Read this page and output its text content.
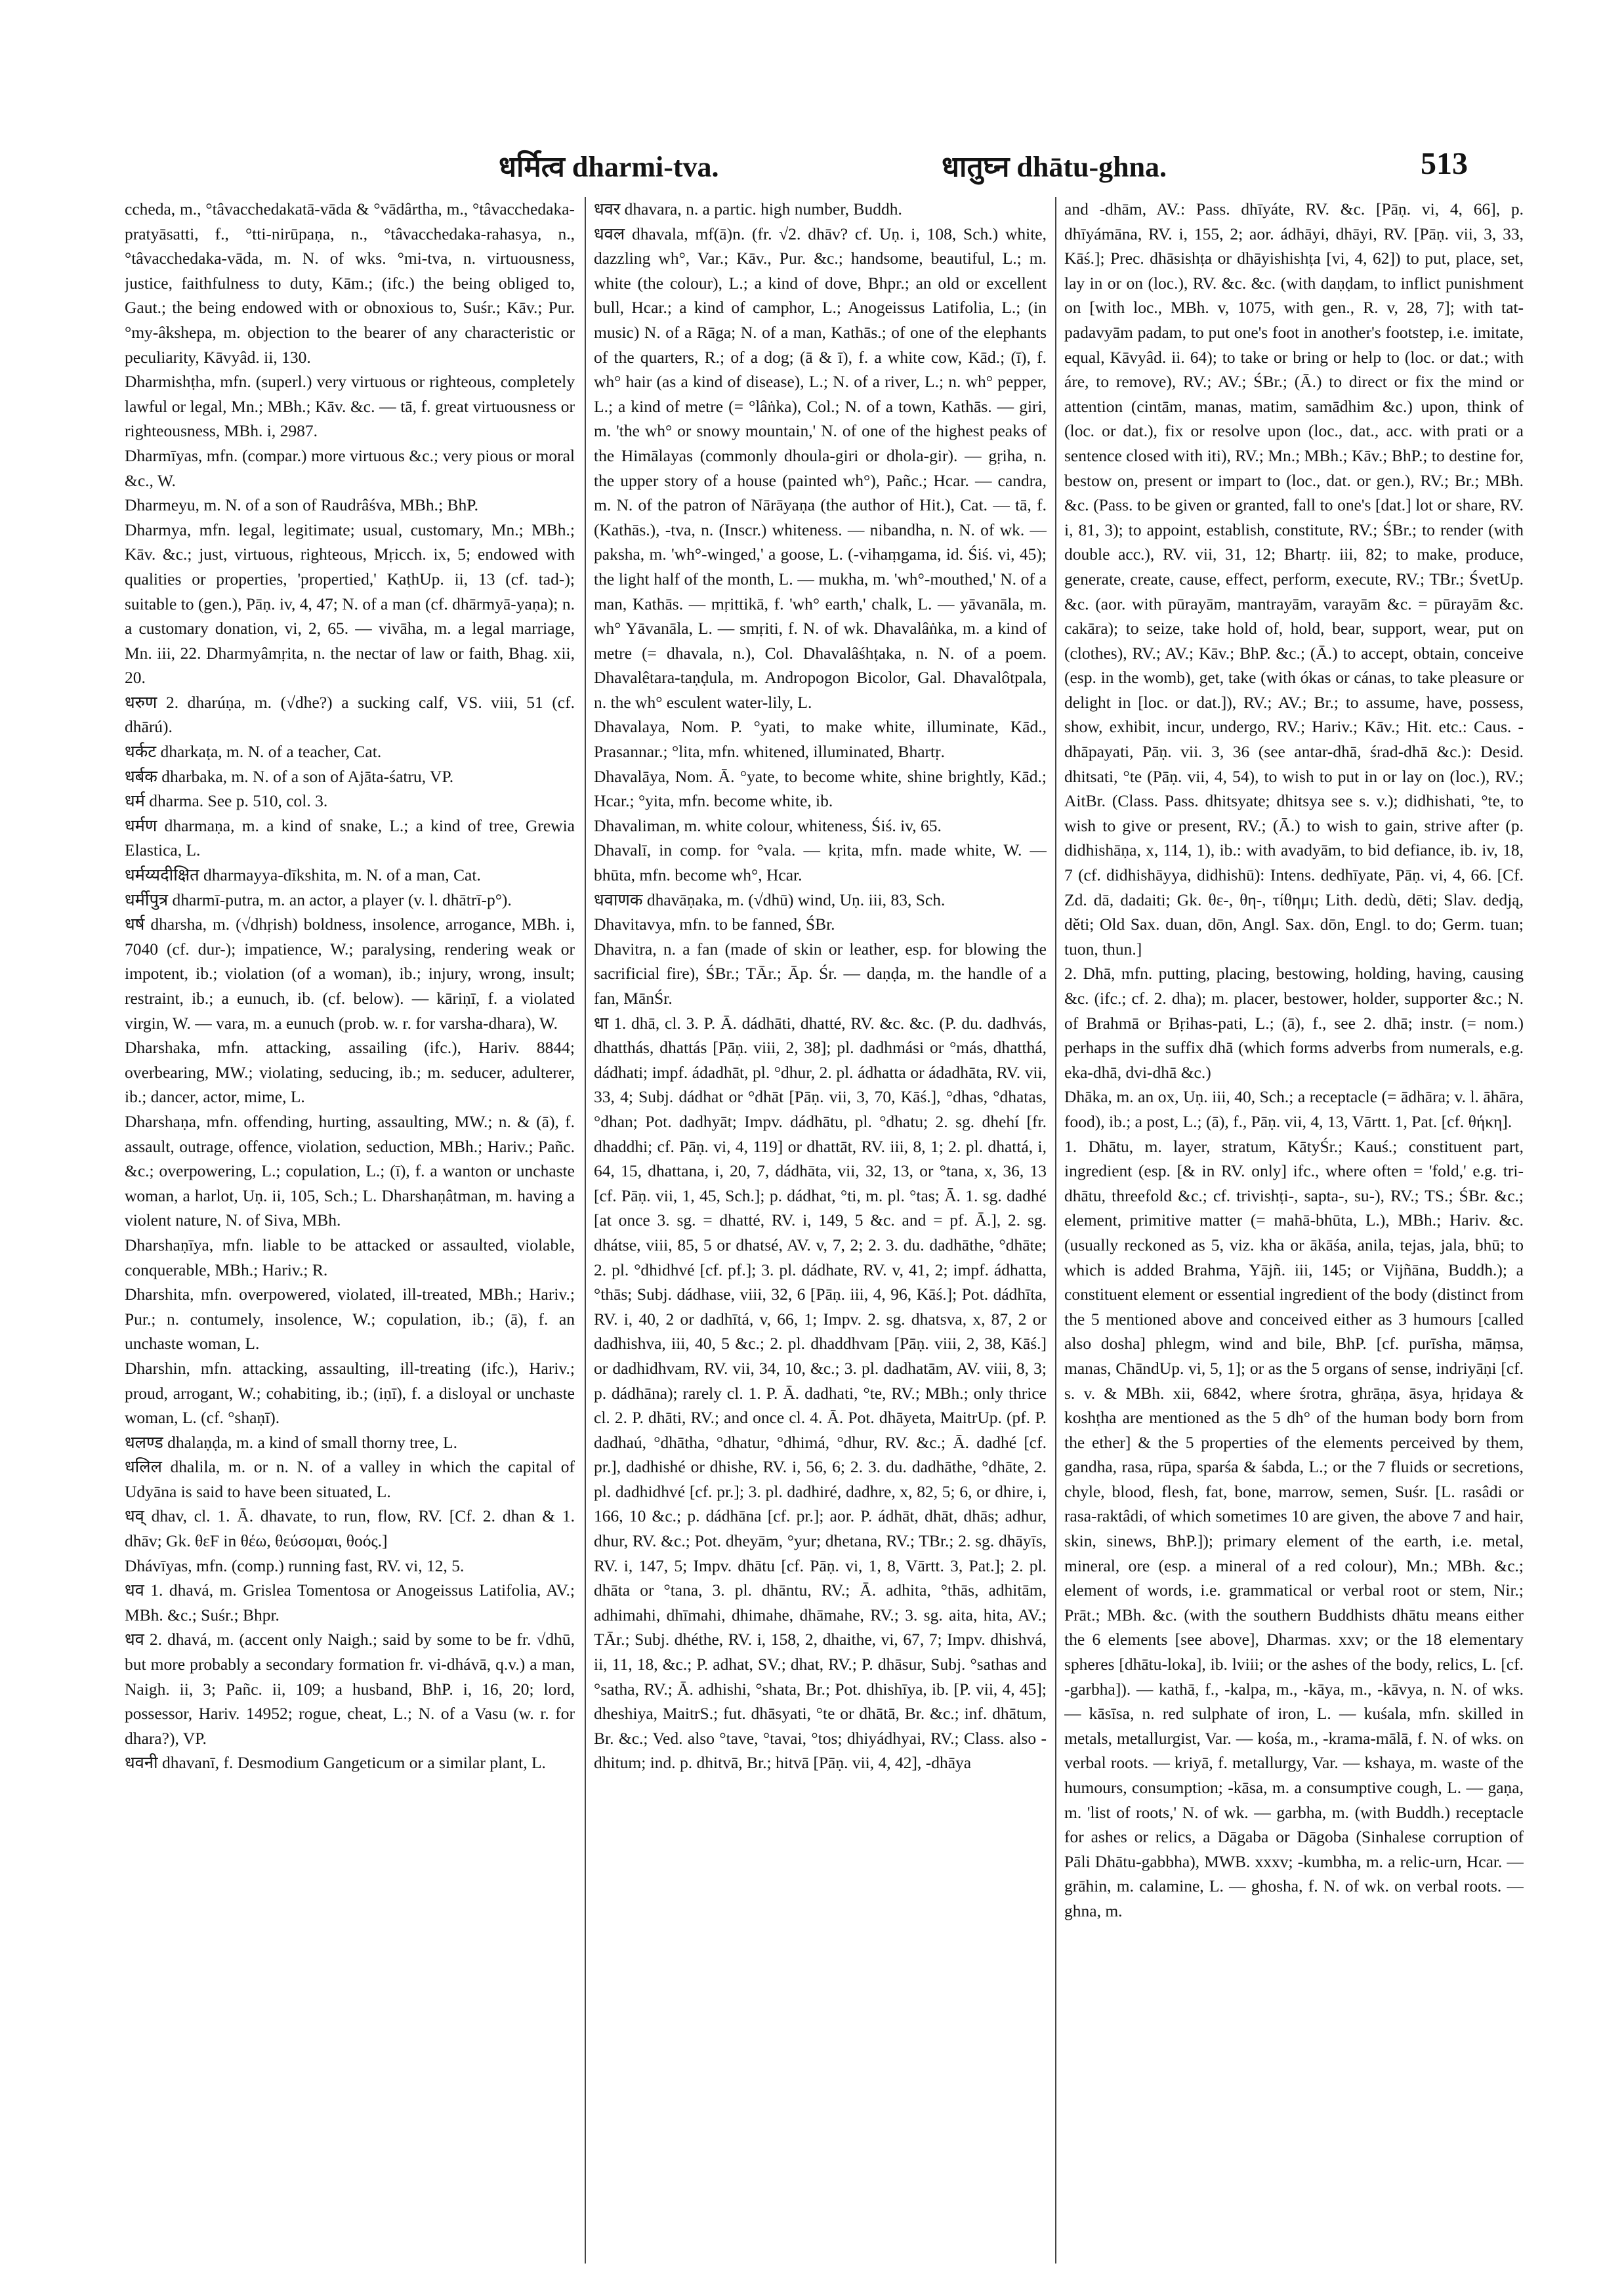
धर्मित्व dharmi-tva.	धातुघ्न dhātu-ghna.	513

ccheda, m., °tâvacchedakatā-vāda & °vādârtha, m., °tâvacchedaka-pratyāsatti, f., °tti-nirūpaṇa, n., °tâvacchedaka-rahasya, n., °tâvacchedaka-vāda, m. N. of wks. °mi-tva, n. virtuousness, justice, faithfulness to duty, Kām.; (ifc.) the being obliged to, Gaut.; the being endowed with or obnoxious to, Suśr.; Kāv.; Pur. °my-âkshepa, m. objection to the bearer of any characteristic or peculiarity, Kāvyâd. ii, 130.

Dharmishṭha, mfn. (superl.) very virtuous or righteous, completely lawful or legal, Mn.; MBh.; Kāv. &c. — tā, f. great virtuousness or righteousness, MBh. i, 2987.

Dharmīyas, mfn. (compar.) more virtuous &c.; very pious or moral &c., W.

Dharmeyu, m. N. of a son of Raudrâśva, MBh.; BhP.

Dharmya, mfn. legal, legitimate; usual, customary, Mn.; MBh.; Kāv. &c.; just, virtuous, righteous, Mṛicch. ix, 5; endowed with qualities or properties, 'propertied,' KaṭhUp. ii, 13 (cf. tad-); suitable to (gen.), Pāṇ. iv, 4, 47; N. of a man (cf. dhārmyā-yaṇa); n. a customary donation, vi, 2, 65. — vivāha, m. a legal marriage, Mn. iii, 22. Dharmyâmṛita, n. the nectar of law or faith, Bhag. xii, 20.

धरुण 2. dharúṇa, m. (√dhe?) a sucking calf, VS. viii, 51 (cf. dhārú).

धर्कट dharkaṭa, m. N. of a teacher, Cat.

धर्बक dharbaka, m. N. of a son of Ajāta-śatru, VP.

धर्म dharma. See p. 510, col. 3.

धर्मण dharmaṇa, m. a kind of snake, L.; a kind of tree, Grewia Elastica, L.

धर्मय्यदीक्षित dharmayya-dīkshita, m. N. of a man, Cat.

धर्मीपुत्र dharmī-putra, m. an actor, a player (v. l. dhātrī-p°).

धर्ष dharsha, m. (√dhṛish) boldness, insolence, arrogance, MBh. i, 7040 (cf. dur-); impatience, W.; paralysing, rendering weak or impotent, ib.; violation (of a woman), ib.; injury, wrong, insult; restraint, ib.; a eunuch, ib. (cf. below). — kāriṇī, f. a violated virgin, W. — vara, m. a eunuch (prob. w. r. for varsha-dhara), W.

Dharshaka, mfn. attacking, assailing (ifc.), Hariv. 8844; overbearing, MW.; violating, seducing, ib.; m. seducer, adulterer, ib.; dancer, actor, mime, L.

Dharshaṇa, mfn. offending, hurting, assaulting, MW.; n. & (ā), f. assault, outrage, offence, violation, seduction, MBh.; Hariv.; Pañc. &c.; overpowering, L.; copulation, L.; (ī), f. a wanton or unchaste woman, a harlot, Uṇ. ii, 105, Sch.; L. Dharshaṇâtman, m. having a violent nature, N. of Siva, MBh.

Dharshaṇīya, mfn. liable to be attacked or assaulted, violable, conquerable, MBh.; Hariv.; R.

Dharshita, mfn. overpowered, violated, ill-treated, MBh.; Hariv.; Pur.; n. contumely, insolence, W.; copulation, ib.; (ā), f. an unchaste woman, L.

Dharshin, mfn. attacking, assaulting, ill-treating (ifc.), Hariv.; proud, arrogant, W.; cohabiting, ib.; (iṇī), f. a disloyal or unchaste woman, L. (cf. °shaṇī).

धलण्ड dhalaṇḍa, m. a kind of small thorny tree, L.

धलिल dhalila, m. or n. N. of a valley in which the capital of Udyāna is said to have been situated, L.

धव् dhav, cl. 1. Ā. dhavate, to run, flow, RV. [Cf. 2. dhan & 1. dhāv; Gk. θεF in θέω, θεύσομαι, θοός.]

Dhávīyas, mfn. (comp.) running fast, RV. vi, 12, 5.

धव 1. dhavá, m. Grislea Tomentosa or Anogeissus Latifolia, AV.; MBh. &c.; Suśr.; Bhpr.

धव 2. dhavá, m. (accent only Naigh.; said by some to be fr. √dhū, but more probably a secondary formation fr. vi-dhávā, q.v.) a man, Naigh. ii, 3; Pañc. ii, 109; a husband, BhP. i, 16, 20; lord, possessor, Hariv. 14952; rogue, cheat, L.; N. of a Vasu (w. r. for dhara?), VP.

धवनी dhavanī, f. Desmodium Gangeticum or a similar plant, L.

धवर dhavara, n. a partic. high number, Buddh.

धवल dhavala, mf(ā)n. (fr. √2. dhāv? cf. Uṇ. i, 108, Sch.) white, dazzling wh°, Var.; Kāv., Pur. &c.; handsome, beautiful, L.; m. white (the colour), L.; a kind of dove, Bhpr.; an old or excellent bull, Hcar.; a kind of camphor, L.; Anogeissus Latifolia, L.; (in music) N. of a Rāga; N. of a man, Kathās.; of one of the elephants of the quarters, R.; of a dog; (ā & ī), f. a white cow, Kād.; (ī), f. wh° hair (as a kind of disease), L.; N. of a river, L.; n. wh° pepper, L.; a kind of metre (= °lâṅka), Col.; N. of a town, Kathās. — giri, m. 'the wh° or snowy mountain,' N. of one of the highest peaks of the Himālayas (commonly dhoula-giri or dhola-gir). — gṛiha, n. the upper story of a house (painted wh°), Pañc.; Hcar. — candra, m. N. of the patron of Nārāyaṇa (the author of Hit.), Cat. — tā, f. (Kathās.), -tva, n. (Inscr.) whiteness. — nibandha, n. N. of wk. — paksha, m. 'wh°-winged,' a goose, L. (-vihaṃgama, id. Śiś. vi, 45); the light half of the month, L. — mukha, m. 'wh°-mouthed,' N. of a man, Kathās. — mṛittikā, f. 'wh° earth,' chalk, L. — yāvanāla, m. wh° Yāvanāla, L. — smṛiti, f. N. of wk. Dhavalâṅka, m. a kind of metre (= dhavala, n.), Col. Dhavalâśhṭaka, n. N. of a poem. Dhavalêtara-taṇḍula, m. Andropogon Bicolor, Gal. Dhavalôtpala, n. the wh° esculent water-lily, L.

Dhavalaya, Nom. P. °yati, to make white, illuminate, Kād., Prasannar.; °lita, mfn. whitened, illuminated, Bhartṛ.

Dhavalāya, Nom. Ā. °yate, to become white, shine brightly, Kād.; Hcar.; °yita, mfn. become white, ib.

Dhavaliman, m. white colour, whiteness, Śiś. iv, 65.

Dhavalī, in comp. for °vala. — kṛita, mfn. made white, W. — bhūta, mfn. become wh°, Hcar.

धवाणक dhavāṇaka, m. (√dhū) wind, Uṇ. iii, 83, Sch.

Dhavitavya, mfn. to be fanned, ŚBr.

Dhavitra, n. a fan (made of skin or leather, esp. for blowing the sacrificial fire), ŚBr.; TĀr.; Āp. Śr. — daṇḍa, m. the handle of a fan, MānŚr.

धा 1. dhā, cl. 3. P. Ā. dádhāti, dhatté, RV. &c. &c. (P. du. dadhvás, dhatthás, dhattás [Pāṇ. viii, 2, 38]; pl. dadhmási or °más, dhatthá, dádhati; impf. ádadhāt, pl. °dhur, 2. pl. ádhatta or ádadhāta, RV. vii, 33, 4; Subj. dádhat or °dhāt [Pāṇ. vii, 3, 70, Kāś.], °dhas, °dhatas, °dhan; Pot. dadhyāt; Impv. dádhātu, pl. °dhatu; 2. sg. dhehí [fr. dhaddhi; cf. Pāṇ. vi, 4, 119] or dhattāt, RV. iii, 8, 1; 2. pl. dhattá, i, 64, 15, dhattana, i, 20, 7, dádhāta, vii, 32, 13, or °tana, x, 36, 13 [cf. Pāṇ. vii, 1, 45, Sch.]; p. dádhat, °ti, m. pl. °tas; Ā. 1. sg. dadhé [at once 3. sg. = dhatté, RV. i, 149, 5 &c. and = pf. Ā.], 2. sg. dhátse, viii, 85, 5 or dhatsé, AV. v, 7, 2; 2. 3. du. dadhāthe, °dhāte; 2. pl. °dhidhvé [cf. pf.]; 3. pl. dádhate, RV. v, 41, 2; impf. ádhatta, °thās; Subj. dádhase, viii, 32, 6 [Pāṇ. iii, 4, 96, Kāś.]; Pot. dádhīta, RV. i, 40, 2 or dadhītá, v, 66, 1; Impv. 2. sg. dhatsva, x, 87, 2 or dadhishva, iii, 40, 5 &c.; 2. pl. dhaddhvam [Pāṇ. viii, 2, 38, Kāś.] or dadhidhvam, RV. vii, 34, 10, &c.; 3. pl. dadhatām, AV. viii, 8, 3; p. dádhāna); rarely cl. 1. P. Ā. dadhati, °te, RV.; MBh.; only thrice cl. 2. P. dhāti, RV.; and once cl. 4. Ā. Pot. dhāyeta, MaitrUp. (pf. P. dadhaú, °dhātha, °dhatur, °dhimá, °dhur, RV. &c.; Ā. dadhé [cf. pr.], dadhishé or dhishe, RV. i, 56, 6; 2. 3. du. dadhāthe, °dhāte, 2. pl. dadhidhvé [cf. pr.]; 3. pl. dadhiré, dadhre, x, 82, 5; 6, or dhire, i, 166, 10 &c.; p. dádhāna [cf. pr.]; aor. P. ádhāt, dhāt, dhās; adhur, dhur, RV. &c.; Pot. dheyām, °yur; dhetana, RV.; TBr.; 2. sg. dhāyīs, RV. i, 147, 5; Impv. dhātu [cf. Pāṇ. vi, 1, 8, Vārtt. 3, Pat.]; 2. pl. dhāta or °tana, 3. pl. dhāntu, RV.; Ā. adhita, °thās, adhitām, adhimahi, dhīmahi, dhimahe, dhāmahe, RV.; 3. sg. aita, hita, AV.; TĀr.; Subj. dhéthe, RV. i, 158, 2, dhaithe, vi, 67, 7; Impv. dhishvá, ii, 11, 18, &c.; P. adhat, SV.; dhat, RV.; P. dhāsur, Subj. °sathas and °satha, RV.; Ā. adhishi, °shata, Br.; Pot. dhishīya, ib. [P. vii, 4, 45]; dheshiya, MaitrS.; fut. dhāsyati, °te or dhātā, Br. &c.; inf. dhātum, Br. &c.; Ved. also °tave, °tavai, °tos; dhiyádhyai, RV.; Class. also -dhitum; ind. p. dhitvā, Br.; hitvā [Pāṇ. vii, 4, 42], -dhāya

and -dhām, AV.: Pass. dhīyáte, RV. &c. [Pāṇ. vi, 4, 66], p. dhīyámāna, RV. i, 155, 2; aor. ádhāyi, dhāyi, RV. [Pāṇ. vii, 3, 33, Kāś.]; Prec. dhāsishṭa or dhāyishishṭa [vi, 4, 62]) to put, place, set, lay in or on (loc.), RV. &c. &c. (with daṇḍam, to inflict punishment on [with loc., MBh. v, 1075, with gen., R. v, 28, 7]; with tat-padavyām padam, to put one's foot in another's footstep, i.e. imitate, equal, Kāvyâd. ii. 64); to take or bring or help to (loc. or dat.; with áre, to remove), RV.; AV.; ŚBr.; (Ā.) to direct or fix the mind or attention (cintām, manas, matim, samādhim &c.) upon, think of (loc. or dat.), fix or resolve upon (loc., dat., acc. with prati or a sentence closed with iti), RV.; Mn.; MBh.; Kāv.; BhP.; to destine for, bestow on, present or impart to (loc., dat. or gen.), RV.; Br.; MBh. &c. (Pass. to be given or granted, fall to one's [dat.] lot or share, RV. i, 81, 3); to appoint, establish, constitute, RV.; ŚBr.; to render (with double acc.), RV. vii, 31, 12; Bhartṛ. iii, 82; to make, produce, generate, create, cause, effect, perform, execute, RV.; TBr.; ŚvetUp. &c. (aor. with pūrayām, mantrayām, varayām &c. = pūrayām &c. cakāra); to seize, take hold of, hold, bear, support, wear, put on (clothes), RV.; AV.; Kāv.; BhP. &c.; (Ā.) to accept, obtain, conceive (esp. in the womb), get, take (with ókas or cánas, to take pleasure or delight in [loc. or dat.]), RV.; AV.; Br.; to assume, have, possess, show, exhibit, incur, undergo, RV.; Hariv.; Kāv.; Hit. etc.: Caus. -dhāpayati, Pāṇ. vii. 3, 36 (see antar-dhā, śrad-dhā &c.): Desid. dhitsati, °te (Pāṇ. vii, 4, 54), to wish to put in or lay on (loc.), RV.; AitBr. (Class. Pass. dhitsyate; dhitsya see s. v.); didhishati, °te, to wish to give or present, RV.; (Ā.) to wish to gain, strive after (p. didhishāṇa, x, 114, 1), ib.: with avadyām, to bid defiance, ib. iv, 18, 7 (cf. didhishāyya, didhishū): Intens. dedhīyate, Pāṇ. vi, 4, 66. [Cf. Zd. dā, dadaiti; Gk. θε-, θη-, τίθημι; Lith. dedù, dēti; Slav. dedją, děti; Old Sax. duan, dōn, Angl. Sax. dōn, Engl. to do; Germ. tuan; tuon, thun.]

2. Dhā, mfn. putting, placing, bestowing, holding, having, causing &c. (ifc.; cf. 2. dha); m. placer, bestower, holder, supporter &c.; N. of Brahmā or Bṛihas-pati, L.; (ā), f., see 2. dhā; instr. (= nom.) perhaps in the suffix dhā (which forms adverbs from numerals, e.g. eka-dhā, dvi-dhā &c.)

Dhāka, m. an ox, Uṇ. iii, 40, Sch.; a receptacle (= ādhāra; v. l. āhāra, food), ib.; a post, L.; (ā), f., Pāṇ. vii, 4, 13, Vārtt. 1, Pat. [cf. θήκη].

1. Dhātu, m. layer, stratum, KātyŚr.; Kauś.; constituent part, ingredient (esp. [& in RV. only] ifc., where often = 'fold,' e.g. tri-dhātu, threefold &c.; cf. trivishṭi-, sapta-, su-), RV.; TS.; ŚBr. &c.; element, primitive matter (= mahā-bhūta, L.), MBh.; Hariv. &c. (usually reckoned as 5, viz. kha or ākāśa, anila, tejas, jala, bhū; to which is added Brahma, Yājñ. iii, 145; or Vijñāna, Buddh.); a constituent element or essential ingredient of the body (distinct from the 5 mentioned above and conceived either as 3 humours [called also dosha] phlegm, wind and bile, BhP. [cf. purīsha, māṃsa, manas, ChāndUp. vi, 5, 1]; or as the 5 organs of sense, indriyāṇi [cf. s. v. & MBh. xii, 6842, where śrotra, ghrāṇa, āsya, hṛidaya & koshṭha are mentioned as the 5 dh° of the human body born from the ether] & the 5 properties of the elements perceived by them, gandha, rasa, rūpa, sparśa & śabda, L.; or the 7 fluids or secretions, chyle, blood, flesh, fat, bone, marrow, semen, Suśr. [L. rasâdi or rasa-raktâdi, of which sometimes 10 are given, the above 7 and hair, skin, sinews, BhP.]); primary element of the earth, i.e. metal, mineral, ore (esp. a mineral of a red colour), Mn.; MBh. &c.; element of words, i.e. grammatical or verbal root or stem, Nir.; Prāt.; MBh. &c. (with the southern Buddhists dhātu means either the 6 elements [see above], Dharmas. xxv; or the 18 elementary spheres [dhātu-loka], ib. lviii; or the ashes of the body, relics, L. [cf. -garbha]). — kathā, f., -kalpa, m., -kāya, m., -kāvya, n. N. of wks. — kāsīsa, n. red sulphate of iron, L. — kuśala, mfn. skilled in metals, metallurgist, Var. — kośa, m., -krama-mālā, f. N. of wks. on verbal roots. — kriyā, f. metallurgy, Var. — kshaya, m. waste of the humours, consumption; -kāsa, m. a consumptive cough, L. — gaṇa, m. 'list of roots,' N. of wk. — garbha, m. (with Buddh.) receptacle for ashes or relics, a Dāgaba or Dāgoba (Sinhalese corruption of Pāli Dhātu-gabbha), MWB. xxxv; -kumbha, m. a relic-urn, Hcar. — grāhin, m. calamine, L. — ghosha, f. N. of wk. on verbal roots. — ghna, m.
